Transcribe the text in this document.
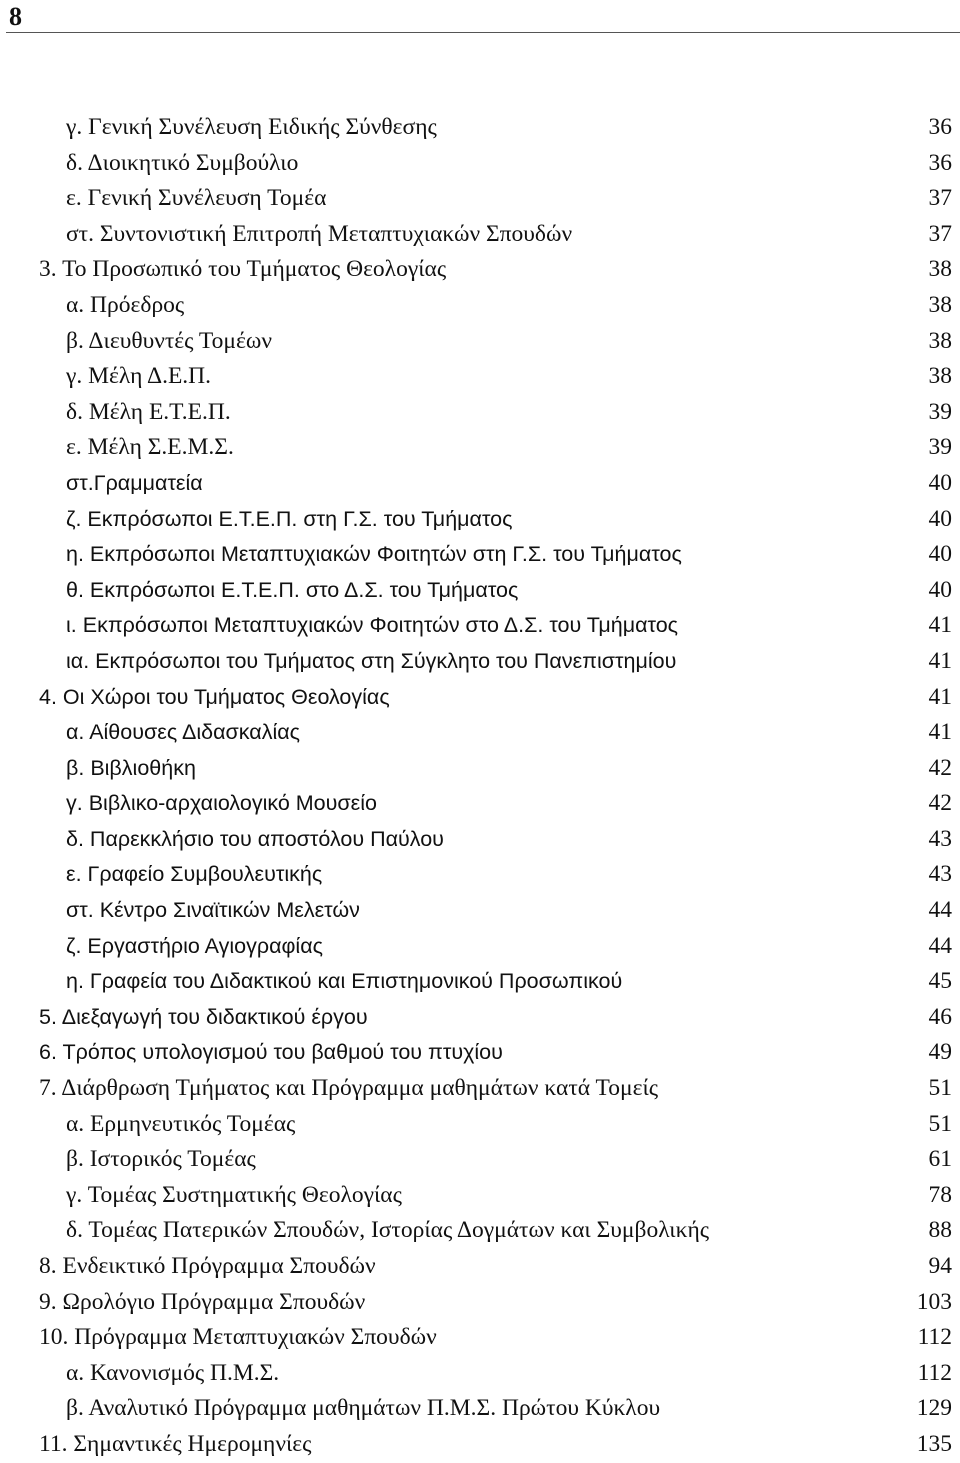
8
γ. Γενική Συνέλευση Ειδικής Σύνθεσης	36
δ. Διοικητικό Συμβούλιο	36
ε. Γενική Συνέλευση Τομέα	37
στ. Συντονιστική Επιτροπή Μεταπτυχιακών Σπουδών	37
3. Το Προσωπικό του Τμήματος Θεολογίας	38
α. Πρόεδρος	38
β. Διευθυντές Τομέων	38
γ. Μέλη Δ.Ε.Π.	38
δ. Μέλη Ε.Τ.Ε.Π.	39
ε. Μέλη Σ.Ε.Μ.Σ.	39
στ.Γραμματεία	40
ζ. Εκπρόσωποι Ε.Τ.Ε.Π. στη Γ.Σ. του Τμήματος	40
η. Εκπρόσωποι Μεταπτυχιακών Φοιτητών στη Γ.Σ. του Τμήματος	40
θ. Εκπρόσωποι Ε.Τ.Ε.Π. στο Δ.Σ. του Τμήματος	40
ι. Εκπρόσωποι Μεταπτυχιακών Φοιτητών στο Δ.Σ. του Τμήματος	41
ια. Εκπρόσωποι του Τμήματος στη Σύγκλητο του Πανεπιστημίου	41
4. Οι Χώροι του Τμήματος Θεολογίας	41
α. Αίθουσες Διδασκαλίας	41
β. Βιβλιοθήκη	42
γ. Βιβλικο-αρχαιολογικό Μουσείο	42
δ. Παρεκκλήσιο του αποστόλου Παύλου	43
ε. Γραφείο Συμβουλευτικής	43
στ. Κέντρο Σιναϊτικών Μελετών	44
ζ. Εργαστήριο Αγιογραφίας	44
η. Γραφεία του Διδακτικού και Επιστημονικού Προσωπικού	45
5. Διεξαγωγή του διδακτικού έργου	46
6. Τρόπος υπολογισμού του βαθμού του πτυχίου	49
7. Διάρθρωση Τμήματος και Πρόγραμμα μαθημάτων κατά Τομείς	51
α. Ερμηνευτικός Τομέας	51
β. Ιστορικός Τομέας	61
γ. Τομέας Συστηματικής Θεολογίας	78
δ. Τομέας Πατερικών Σπουδών, Ιστορίας Δογμάτων και Συμβολικής	88
8. Ενδεικτικό Πρόγραμμα Σπουδών	94
9. Ωρολόγιο Πρόγραμμα Σπουδών	103
10. Πρόγραμμα Μεταπτυχιακών Σπουδών	112
α. Κανονισμός Π.Μ.Σ.	112
β. Αναλυτικό Πρόγραμμα μαθημάτων Π.Μ.Σ. Πρώτου Κύκλου	129
11. Σημαντικές Ημερομηνίες	135
